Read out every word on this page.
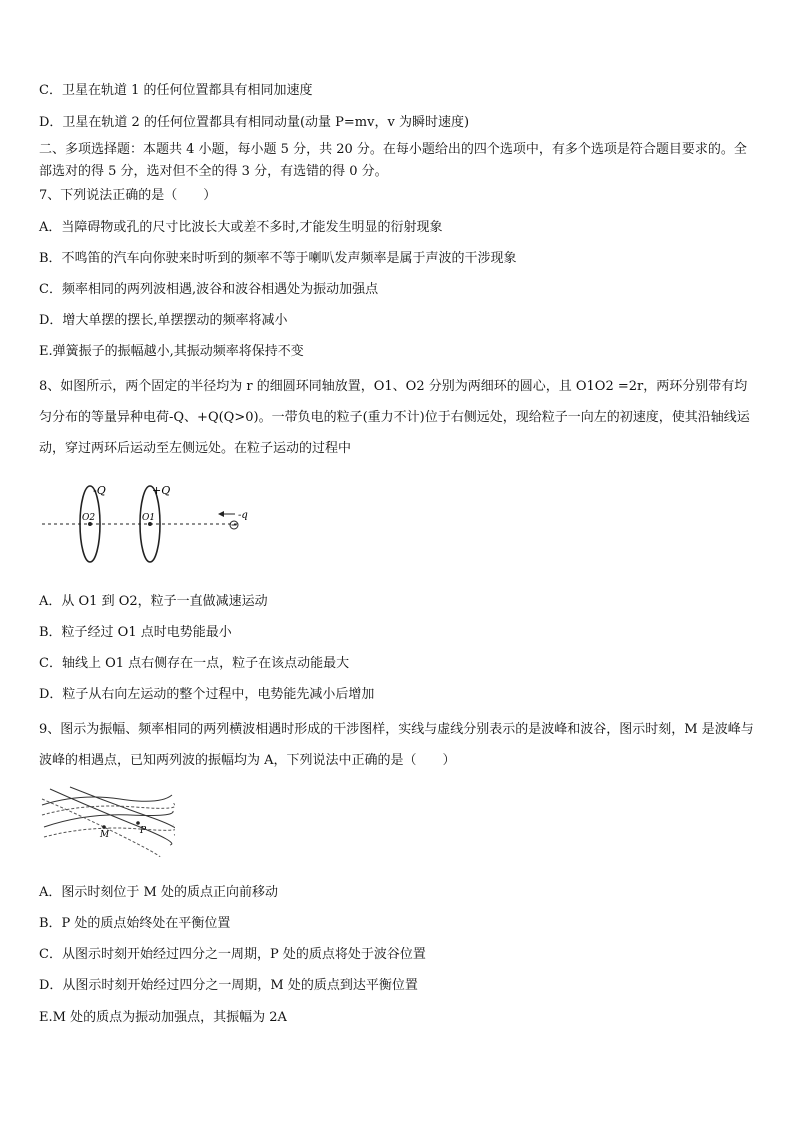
C．卫星在轨道 1 的任何位置都具有相同加速度
D．卫星在轨道 2 的任何位置都具有相同动量(动量 P=mv，v 为瞬时速度)
二、多项选择题：本题共 4 小题，每小题 5 分，共 20 分。在每小题给出的四个选项中，有多个选项是符合题目要求的。全部选对的得 5 分，选对但不全的得 3 分，有选错的得 0 分。
7、下列说法正确的是（　　）
A．当障碍物或孔的尺寸比波长大或差不多时,才能发生明显的衍射现象
B．不鸣笛的汽车向你驶来时听到的频率不等于喇叭发声频率是属于声波的干涉现象
C．频率相同的两列波相遇,波谷和波谷相遇处为振动加强点
D．增大单摆的摆长,单摆摆动的频率将减小
E.弹簧振子的振幅越小,其振动频率将保持不变
8、如图所示，两个固定的半径均为 r 的细圆环同轴放置，O1、O2 分别为两细环的圆心，且 O1O2 =2r，两环分别带有均匀分布的等量异种电荷-Q、+Q(Q>0)。一带负电的粒子(重力不计)位于右侧远处，现给粒子一向左的初速度，使其沿轴线运动，穿过两环后运动至左侧远处。在粒子运动的过程中
-Q	+Q
O2	O1	-q
A．从 O1 到 O2，粒子一直做减速运动
B．粒子经过 O1 点时电势能最小
C．轴线上 O1 点右侧存在一点，粒子在该点动能最大
D．粒子从右向左运动的整个过程中，电势能先减小后增加
9、图示为振幅、频率相同的两列横波相遇时形成的干涉图样，实线与虚线分别表示的是波峰和波谷，图示时刻，M 是波峰与波峰的相遇点，已知两列波的振幅均为 A，下列说法中正确的是（　　）
M	P
A．图示时刻位于 M 处的质点正向前移动
B．P 处的质点始终处在平衡位置
C．从图示时刻开始经过四分之一周期，P 处的质点将处于波谷位置
D．从图示时刻开始经过四分之一周期，M 处的质点到达平衡位置
E.M 处的质点为振动加强点，其振幅为 2A
